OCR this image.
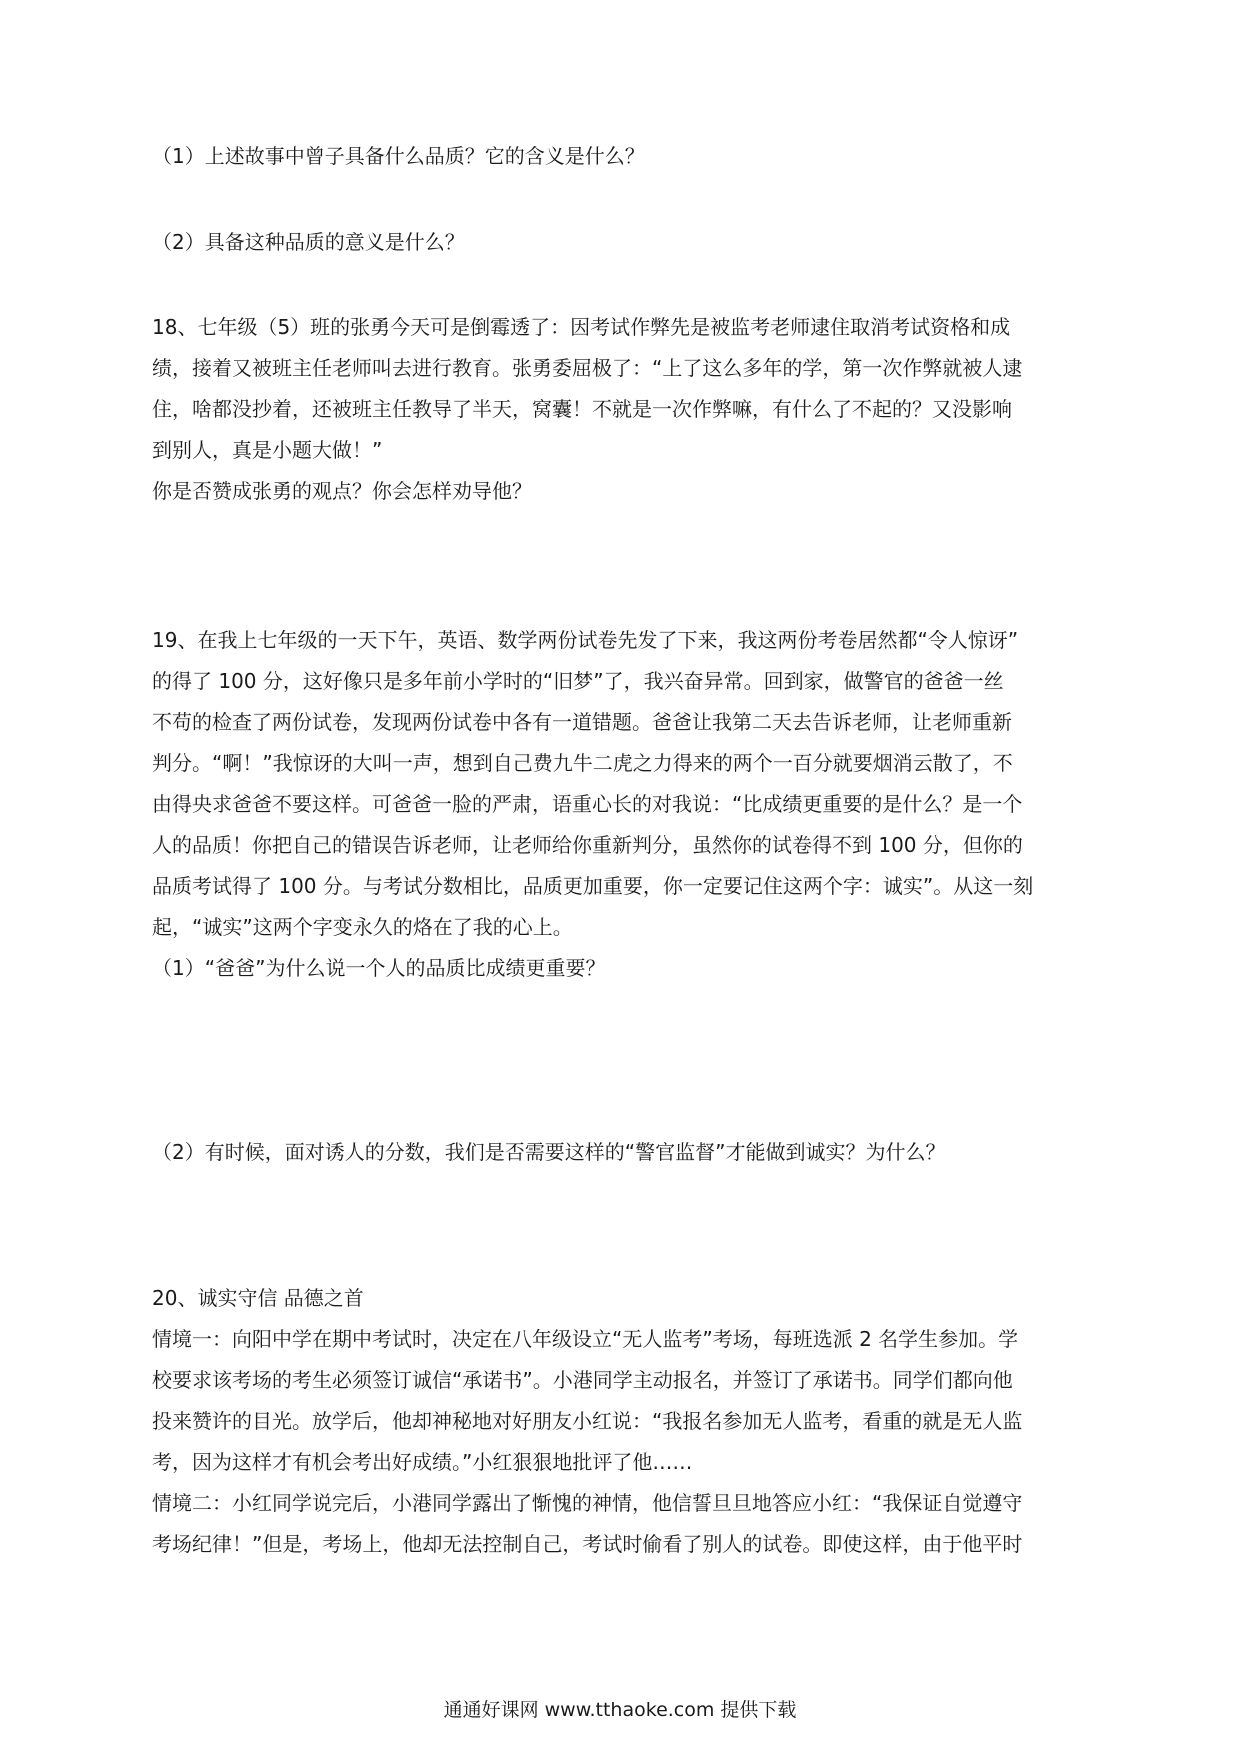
（1）上述故事中曾子具备什么品质？它的含义是什么？
（2）具备这种品质的意义是什么？
18、七年级（5）班的张勇今天可是倒霉透了：因考试作弊先是被监考老师逮住取消考试资格和成
绩，接着又被班主任老师叫去进行教育。张勇委屈极了：“上了这么多年的学，第一次作弊就被人逮
住，啥都没抄着，还被班主任教导了半天，窝囊！不就是一次作弊嘛，有什么了不起的？又没影响
到别人，真是小题大做！”
你是否赞成张勇的观点？你会怎样劝导他？
19、在我上七年级的一天下午，英语、数学两份试卷先发了下来，我这两份考卷居然都“令人惊讶”
的得了 100 分，这好像只是多年前小学时的“旧梦”了，我兴奋异常。回到家，做警官的爸爸一丝
不苟的检查了两份试卷，发现两份试卷中各有一道错题。爸爸让我第二天去告诉老师，让老师重新
判分。“啊！”我惊讶的大叫一声，想到自己费九牛二虎之力得来的两个一百分就要烟消云散了，不
由得央求爸爸不要这样。可爸爸一脸的严肃，语重心长的对我说：“比成绩更重要的是什么？是一个
人的品质！你把自己的错误告诉老师，让老师给你重新判分，虽然你的试卷得不到 100 分，但你的
品质考试得了 100 分。与考试分数相比，品质更加重要，你一定要记住这两个字：诚实”。从这一刻
起，“诚实”这两个字变永久的烙在了我的心上。
（1）“爸爸”为什么说一个人的品质比成绩更重要？
（2）有时候，面对诱人的分数，我们是否需要这样的“警官监督”才能做到诚实？为什么？
20、诚实守信 品德之首
情境一：向阳中学在期中考试时，决定在八年级设立“无人监考”考场，每班选派 2 名学生参加。学
校要求该考场的考生必须签订诚信“承诺书”。小港同学主动报名，并签订了承诺书。同学们都向他
投来赞许的目光。放学后，他却神秘地对好朋友小红说：“我报名参加无人监考，看重的就是无人监
考，因为这样才有机会考出好成绩。”小红狠狠地批评了他……
情境二：小红同学说完后，小港同学露出了惭愧的神情，他信誓旦旦地答应小红：“我保证自觉遵守
考场纪律！”但是，考场上，他却无法控制自己，考试时偷看了别人的试卷。即使这样，由于他平时
通通好课网 www.tthaoke.com 提供下载
